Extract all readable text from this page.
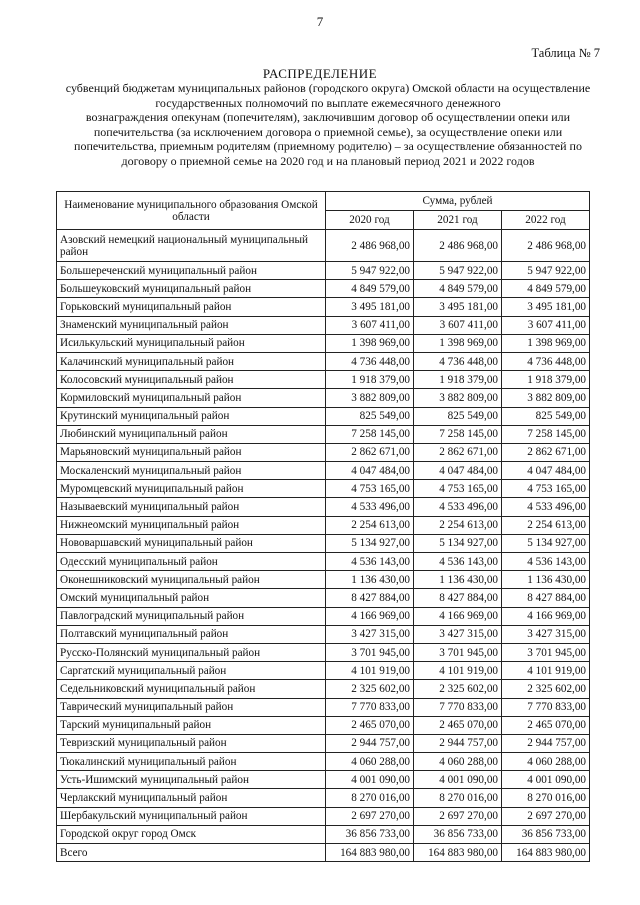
7
Таблица № 7
РАСПРЕДЕЛЕНИЕ
субвенций бюджетам муниципальных районов (городского округа) Омской области на осуществление
государственных полномочий по выплате ежемесячного денежного
вознаграждения опекунам (попечителям), заключившим договор об осуществлении опеки или
попечительства (за исключением договора о приемной семье), за осуществление опеки или
попечительства, приемным родителям (приемному родителю) – за осуществление обязанностей по
договору о приемной семье на 2020 год и на плановый период 2021 и 2022 годов
Наименование муниципального образования Омской области	Сумма, рублей		
	2020 год	2021 год	2022 год
Азовский немецкий национальный муниципальный район	2 486 968,00	2 486 968,00	2 486 968,00
Большереченский муниципальный район	5 947 922,00	5 947 922,00	5 947 922,00
Большеуковский муниципальный район	4 849 579,00	4 849 579,00	4 849 579,00
Горьковский муниципальный район	3 495 181,00	3 495 181,00	3 495 181,00
Знаменский муниципальный район	3 607 411,00	3 607 411,00	3 607 411,00
Исилькульский муниципальный район	1 398 969,00	1 398 969,00	1 398 969,00
Калачинский муниципальный район	4 736 448,00	4 736 448,00	4 736 448,00
Колосовский муниципальный район	1 918 379,00	1 918 379,00	1 918 379,00
Кормиловский муниципальный район	3 882 809,00	3 882 809,00	3 882 809,00
Крутинский муниципальный район	825 549,00	825 549,00	825 549,00
Любинский муниципальный район	7 258 145,00	7 258 145,00	7 258 145,00
Марьяновский муниципальный район	2 862 671,00	2 862 671,00	2 862 671,00
Москаленский муниципальный район	4 047 484,00	4 047 484,00	4 047 484,00
Муромцевский муниципальный район	4 753 165,00	4 753 165,00	4 753 165,00
Называевский муниципальный район	4 533 496,00	4 533 496,00	4 533 496,00
Нижнеомский муниципальный район	2 254 613,00	2 254 613,00	2 254 613,00
Нововаршавский муниципальный район	5 134 927,00	5 134 927,00	5 134 927,00
Одесский муниципальный район	4 536 143,00	4 536 143,00	4 536 143,00
Оконешниковский муниципальный район	1 136 430,00	1 136 430,00	1 136 430,00
Омский муниципальный район	8 427 884,00	8 427 884,00	8 427 884,00
Павлоградский муниципальный район	4 166 969,00	4 166 969,00	4 166 969,00
Полтавский муниципальный район	3 427 315,00	3 427 315,00	3 427 315,00
Русско-Полянский муниципальный район	3 701 945,00	3 701 945,00	3 701 945,00
Саргатский муниципальный район	4 101 919,00	4 101 919,00	4 101 919,00
Седельниковский муниципальный район	2 325 602,00	2 325 602,00	2 325 602,00
Таврический муниципальный район	7 770 833,00	7 770 833,00	7 770 833,00
Тарский муниципальный район	2 465 070,00	2 465 070,00	2 465 070,00
Тевризский муниципальный район	2 944 757,00	2 944 757,00	2 944 757,00
Тюкалинский муниципальный район	4 060 288,00	4 060 288,00	4 060 288,00
Усть-Ишимский муниципальный район	4 001 090,00	4 001 090,00	4 001 090,00
Черлакский муниципальный район	8 270 016,00	8 270 016,00	8 270 016,00
Шербакульский муниципальный район	2 697 270,00	2 697 270,00	2 697 270,00
Городской округ город Омск	36 856 733,00	36 856 733,00	36 856 733,00
Всего	164 883 980,00	164 883 980,00	164 883 980,00
